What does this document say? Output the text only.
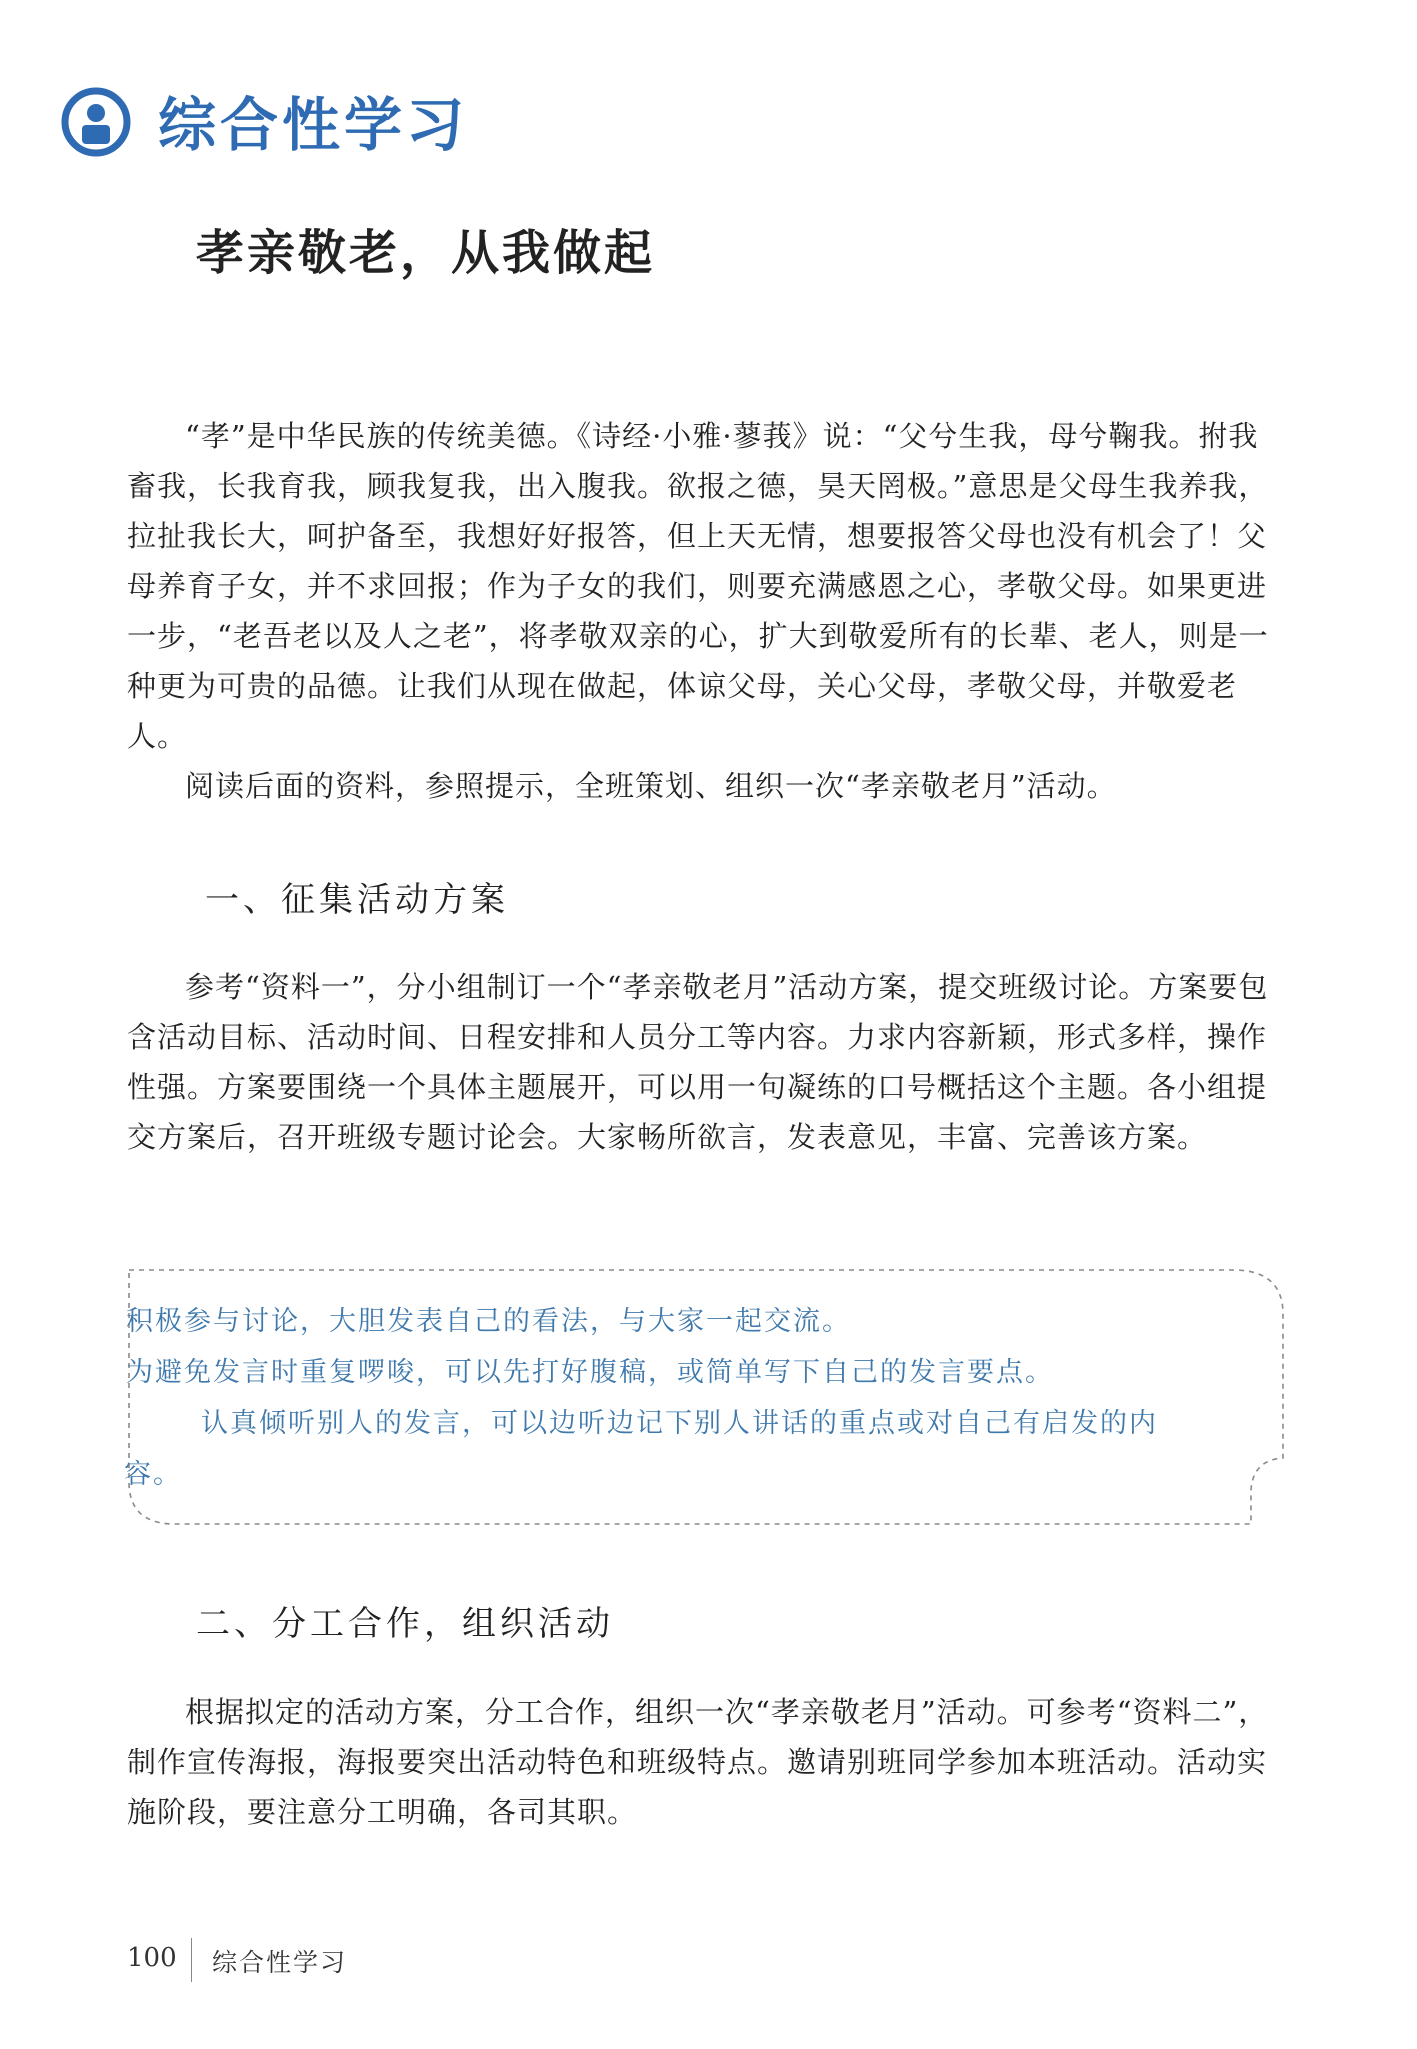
综合性学习
孝亲敬老，从我做起

“孝”是中华民族的传统美德。《诗经·小雅·蓼莪》说：“父兮生我，母兮鞠我。拊我畜我，长我育我，顾我复我，出入腹我。欲报之德，昊天罔极。”意思是父母生我养我，拉扯我长大，呵护备至，我想好好报答，但上天无情，想要报答父母也没有机会了！父母养育子女，并不求回报；作为子女的我们，则要充满感恩之心，孝敬父母。如果更进一步，“老吾老以及人之老”，将孝敬双亲的心，扩大到敬爱所有的长辈、老人，则是一种更为可贵的品德。让我们从现在做起，体谅父母，关心父母，孝敬父母，并敬爱老人。

阅读后面的资料，参照提示，全班策划、组织一次“孝亲敬老月”活动。

一、征集活动方案

参考“资料一”，分小组制订一个“孝亲敬老月”活动方案，提交班级讨论。方案要包含活动目标、活动时间、日程安排和人员分工等内容。力求内容新颖，形式多样，操作性强。方案要围绕一个具体主题展开，可以用一句凝练的口号概括这个主题。各小组提交方案后，召开班级专题讨论会。大家畅所欲言，发表意见，丰富、完善该方案。

积极参与讨论，大胆发表自己的看法，与大家一起交流。

为避免发言时重复啰唆，可以先打好腹稿，或简单写下自己的发言要点。

认真倾听别人的发言，可以边听边记下别人讲话的重点或对自己有启发的内容。

二、分工合作，组织活动

根据拟定的活动方案，分工合作，组织一次“孝亲敬老月”活动。可参考“资料二”，制作宣传海报，海报要突出活动特色和班级特点。邀请别班同学参加本班活动。活动实施阶段，要注意分工明确，各司其职。

100 综合性学习
